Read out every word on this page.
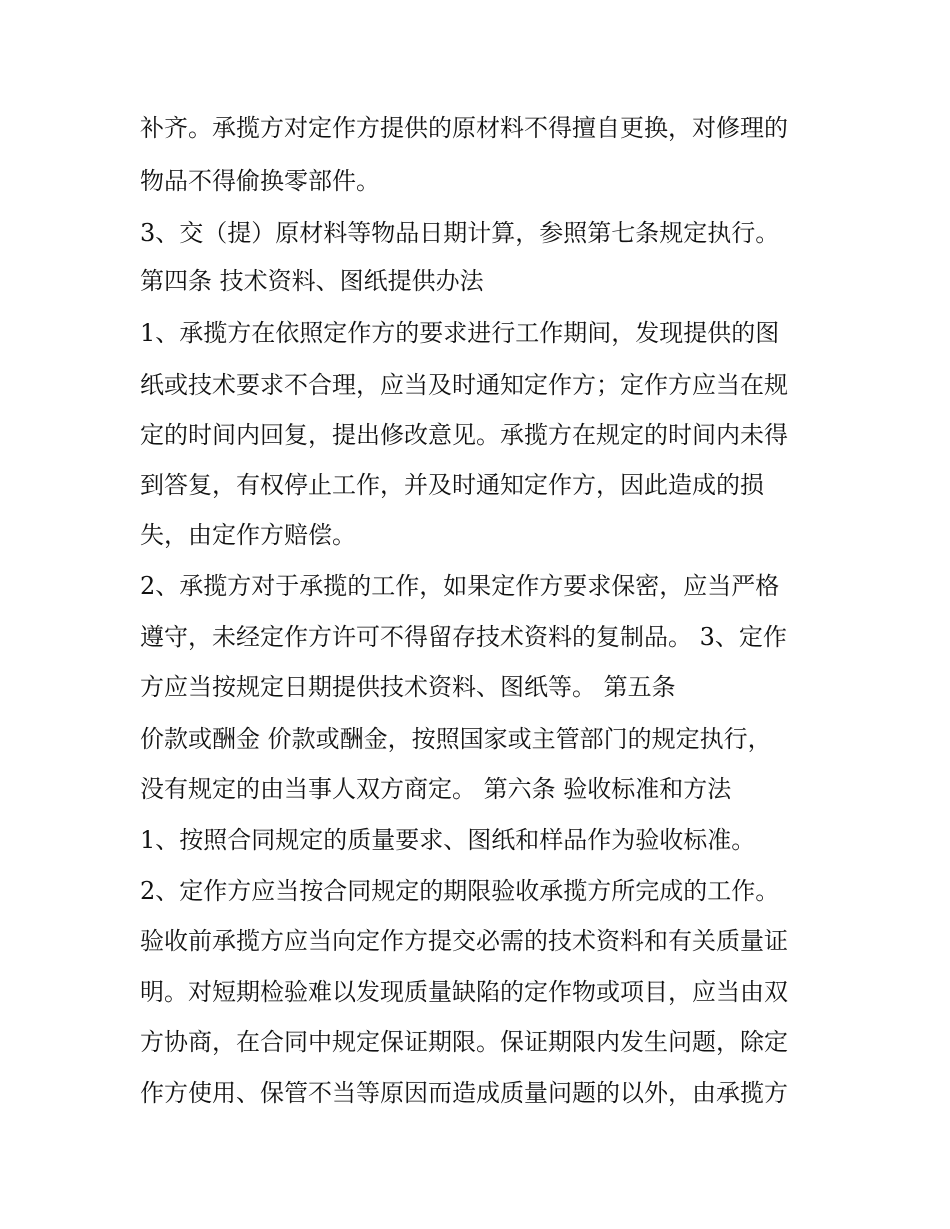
补齐。承揽方对定作方提供的原材料不得擅自更换，对修理的

物品不得偷换零部件。

3、交（提）原材料等物品日期计算，参照第七条规定执行。

第四条 技术资料、图纸提供办法

1、承揽方在依照定作方的要求进行工作期间，发现提供的图

纸或技术要求不合理，应当及时通知定作方；定作方应当在规

定的时间内回复，提出修改意见。承揽方在规定的时间内未得

到答复，有权停止工作，并及时通知定作方，因此造成的损

失，由定作方赔偿。

2、承揽方对于承揽的工作，如果定作方要求保密，应当严格

遵守，未经定作方许可不得留存技术资料的复制品。 3、定作

方应当按规定日期提供技术资料、图纸等。 第五条

价款或酬金 价款或酬金，按照国家或主管部门的规定执行，

没有规定的由当事人双方商定。 第六条 验收标准和方法

1、按照合同规定的质量要求、图纸和样品作为验收标准。

2、定作方应当按合同规定的期限验收承揽方所完成的工作。

验收前承揽方应当向定作方提交必需的技术资料和有关质量证

明。对短期检验难以发现质量缺陷的定作物或项目，应当由双

方协商，在合同中规定保证期限。保证期限内发生问题，除定

作方使用、保管不当等原因而造成质量问题的以外，由承揽方
